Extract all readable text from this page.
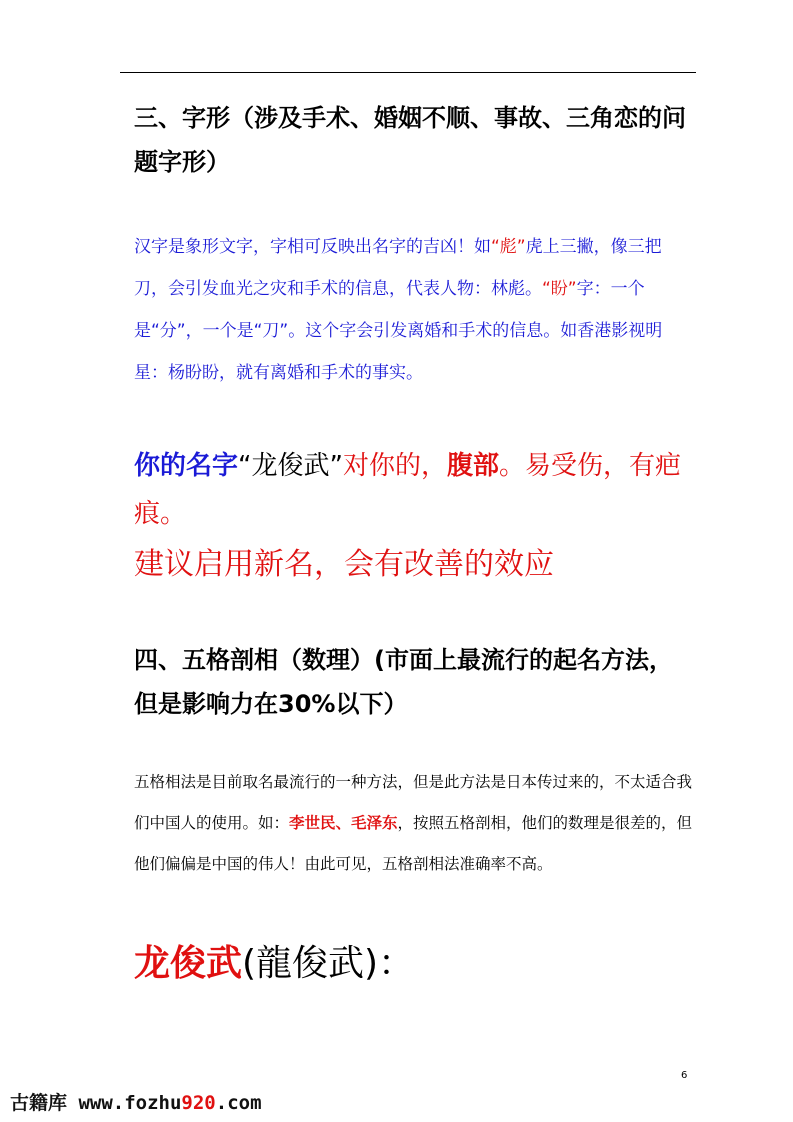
三、字形（涉及手术、婚姻不顺、事故、三角恋的问题字形）
汉字是象形文字，字相可反映出名字的吉凶！如“彪”虎上三撇，像三把刀，会引发血光之灾和手术的信息，代表人物：林彪。“盼”字：一个是“分”，一个是“刀”。这个字会引发离婚和手术的信息。如香港影视明星：杨盼盼，就有离婚和手术的事实。
你的名字“龙俊武”对你的，腹部。易受伤，有疤痕。
建议启用新名，会有改善的效应
四、五格剖相（数理）(市面上最流行的起名方法，但是影响力在30%以下）
五格相法是目前取名最流行的一种方法，但是此方法是日本传过来的，不太适合我们中国人的使用。如：李世民、毛泽东，按照五格剖相，他们的数理是很差的，但他们偏偏是中国的伟人！由此可见，五格剖相法准确率不高。
龙俊武(龍俊武)：
6
古籍库 www.fozhu920.com
